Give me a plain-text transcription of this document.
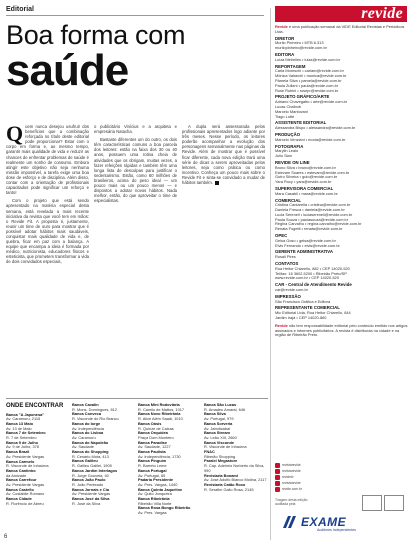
Editorial
Boa forma com
saúde

Quem nunca desejou usufruir dos benefícios que a combinação reforçada no título deste editorial pode proporcionar? Estar com o corpo em forma e, ao mesmo tempo, garantir mais qualidade de vida e reduzir as chances de enfrentar problemas de saúde é realmente um sonho de consumo. Embora atingir este objetivo não seja nenhuma missão impossível, a tarefa exige uma boa dose de esforço e de disciplina. Além disso, contar com a orientação de profissionais capacitados pode significar um reforço e tanto!

Com o projeto que está sendo apresentado na matéria especial desta semana, está revelada a mais recente iniciativa da revista que você tem em mãos: o Revide Fit. A proposta é, justamente, reunir um time de ouro para mostrar que é possível adotar hábitos mais saudáveis, conquistar mais qualidade de vida e, de quebra, ficar em paz com a balança. A equipe que encampa a ideia é formada por médico, nutricionista, educadores físicos e esteticista, que prometem transformar a vida de dois convidados especiais,

o publicitário Vinícius e a arquiteta e empresária Natacha.

Bastante diferentes um do outro, os dois têm características comuns a boa parcela dos leitores: estão na faixa dos 30 ou 40 anos, possuem uma rotina cheia de atividades que os obrigam, muitas vezes, a fazer refeições rápidas e também têm uma longa lista de desculpas para justificar o sedentarismo. Estão, como 60 milhões de brasileiros, acima do peso ideal — um pouco mais ou um pouco menos — e dispostos a adotar novos hábitos. Nada melhor, então, do que aproveitar o time de especialistas.

A dupla será assessorada pelos profissionais apresentados logo adiante por três meses. Nesse período, os leitores poderão acompanhar a evolução dos personagens semanalmente nas páginas da Revide. Além de mostrar que é possível ficar diferente, cada nova edição trará uma série de dicas a serem aproveitadas pelos leitores, seja como prática ou como incentivo. Conheça um pouco mais sobre o Revide Fit e sinta-se convidado a mudar de hábitos também.

ONDE ENCONTRAR
Banca "A Japonesa"
Av. Caramuru, 2115
Banca 13 Maio
Av. 13 de Maio
Banca 7 de Setembro
R. 7 de Setembro
Banca 9 de Julho
Av. 9 de Julho, 378
Banca Brazil
Av. Presidente Vargas
Banca Carmelo
R. Visconde de Inhaúma
Banca Cantinho
da Amizade
Banca Carrefour
Av. Presidente Vargas
Banca Castello
Av. Costábile Romano
Banca Cidade
R. Florêncio de Abreu
Banca Cavalin
R. Mons. Domingues, 812
Banca Conveca
R. Visconde do Rio Branco
Banca do Iorge
Av. Independência
Banca do Lisboa
Av. Caramuru
Banca do Napoleão
Av. Saudade
Banca do Shopping
R. Cesário Mota, 413
Banca Galileu
R. Galileu Galilei, 1905
Banca Jardim Interlagos
R. Jorge Gouveia, 40
Banca João Paulo
R. João Penteado
Banca Jornais e Cia
Av. Presidente Vargas
Banca José da Silva
R. José da Silva
Banca Mini Rodoviária
R. Camilo de Mattos, 1017
Banca Novo Ribeirânia
R. Alice Além Saadi, 1010
Banca Oásis
R. Quinze de Caixas
Banca Orquídea
Praça Dom Monteiro
Banca Paradise
Av. Saudade, 1227
Banca Paulista
Av. Independência, 1730
Banca Pinguim
R. Barreto Leme
Banca Portugal
Av. Portugal, 65
Padaria Presidente
Av. Pres. Vargas, 1440
Banca Quinta Jaqueline
Av. Quito Junqueira
Banca Ribeirânia
Ribeirão Villa Norte
Banca Rosa Bongo Ribeirão
Av. Pres. Vargas
Banca São Lucas
R. Amadeu Amaral, 646
Banca Silva
Av. Portugal, 979
Banca Sorveria
Av. Jaboticabal
Banca Stream
Av. Leão XIII, 2660
Banca Visconde
R. Visconde de Inhaúma
FNAC
Riberão Shopping
Paralel Megastore
R. Cap. Adelmio Norberto da Silva, 990
Revistaria Bonami
Av. José Adolfo Bianco Molina, 2117
Revistaria Catão Roxo
R. Serafim Gallo Rosa, 2145
revide
Revide é uma publicação semanal da VIDE Editorial Revistas e Periódicos Ltda.
DIRETOR
Murilo Pinheiro • MTB 6.313
murilopinheiro@revide.com.br
EDITORA
Luiza Meirelles • luiza@revide.com.br
REPORTAGEM
Carla Moreschi • carlam@revide.com.br
Mônica Valsechi • monica@revide.com.br
Pâmela Silva • pamela@revide.com.br
Paula Zullani • paula@revide.com.br
Rose Rubini • rosepr@revide.com.br
PROJETO GRÁFICO/ARTE
Adriano Chavegatto • arte@revide.com.br
Lucas Chalbub
Marcelo Mantovani
Tiago Lotte
ASSISTENTE EDITORIAL
Alessandra Bispo • alessandra@revide.com.br
PRODUÇÃO
Marcelo Venziani • moda@revide.com.br
FOTOGRAFIA
Marylin Lealo
Julio Sian
REVIDE ON LINE
Bruno Silva • bruno@revide.com.br
Estevam Soares • estevam@revide.com.br
Gutro Silveira • guto@revide.com.br
Yara Rucy • yara@revide.com.br
SUPERVISORA COMERCIAL
Mara Casabil • mara@revide.com.br
COMERCIAL
Cristina Cantarella • cristina@revide.com.br
Daniela Fresca • daniela@revide.com.br
Lucia Sereneli • luciasereneli@revide.com.br
Paula Souza • paulasouza@revide.com.br
Regina Carvalho • regina.carvalho@revide.com.br
Renata Fogetti • renata@revide.com.br
OPEC
Gelsa Goso • gelsa@revide.com.br
Elvis Fernando • elvis@revide.com.br
GERENTE ADMINISTRATIVA
Rosali Pires
CONTATOS
Rua Heitor Chiarello, 882 • CEP 14020-520
Tel/fax: 16 3602.5200 • Ribeirão Preto/SP
www.revide.com.br • CEP 14020-520
CAR - Central de Atendimento Revide
car@revide.com.br
IMPRESSÃO
São Francisco Gráfica e Editora
REPRESENTANTE COMERCIAL
Mic Editorial Ltda. Rua Heitor Chiarello, 844
Jardim Irajá • CEP 14020-860
Revide não tem responsabilidade editorial pelo conteúdo emitido nos artigos assinados e informes publicitários. A revista é distribuída na cidade e na região de Ribeirão Preto.
revistarevide
revistarevide
revidetv
revistarevide
revide.com.br
Tiragem desta edição auditada pela
EXAME
Auditores Independentes
6
